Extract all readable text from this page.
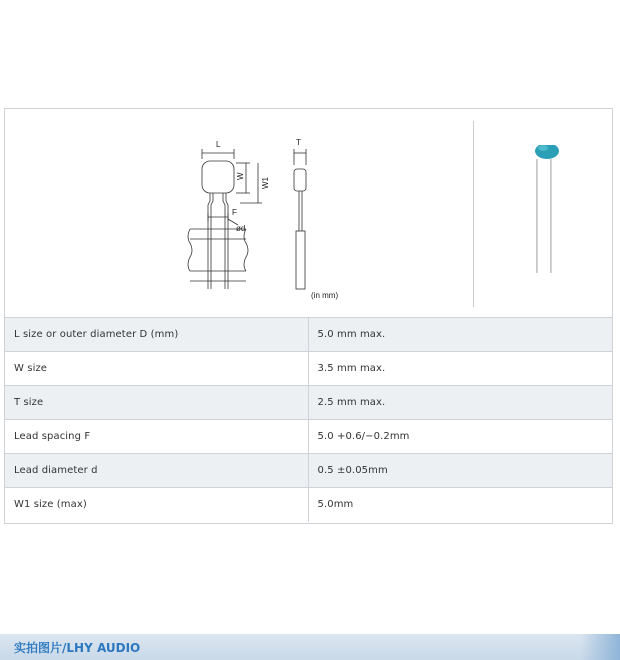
L	T
W
W1
F
ød
(in mm)
L size or outer diameter D (mm)	5.0 mm max.
W size	3.5 mm max.
T size	2.5 mm max.
Lead spacing F	5.0 +0.6/−0.2mm
Lead diameter d	0.5 ±0.05mm
W1 size (max)	5.0mm
实拍图片/LHY AUDIO
